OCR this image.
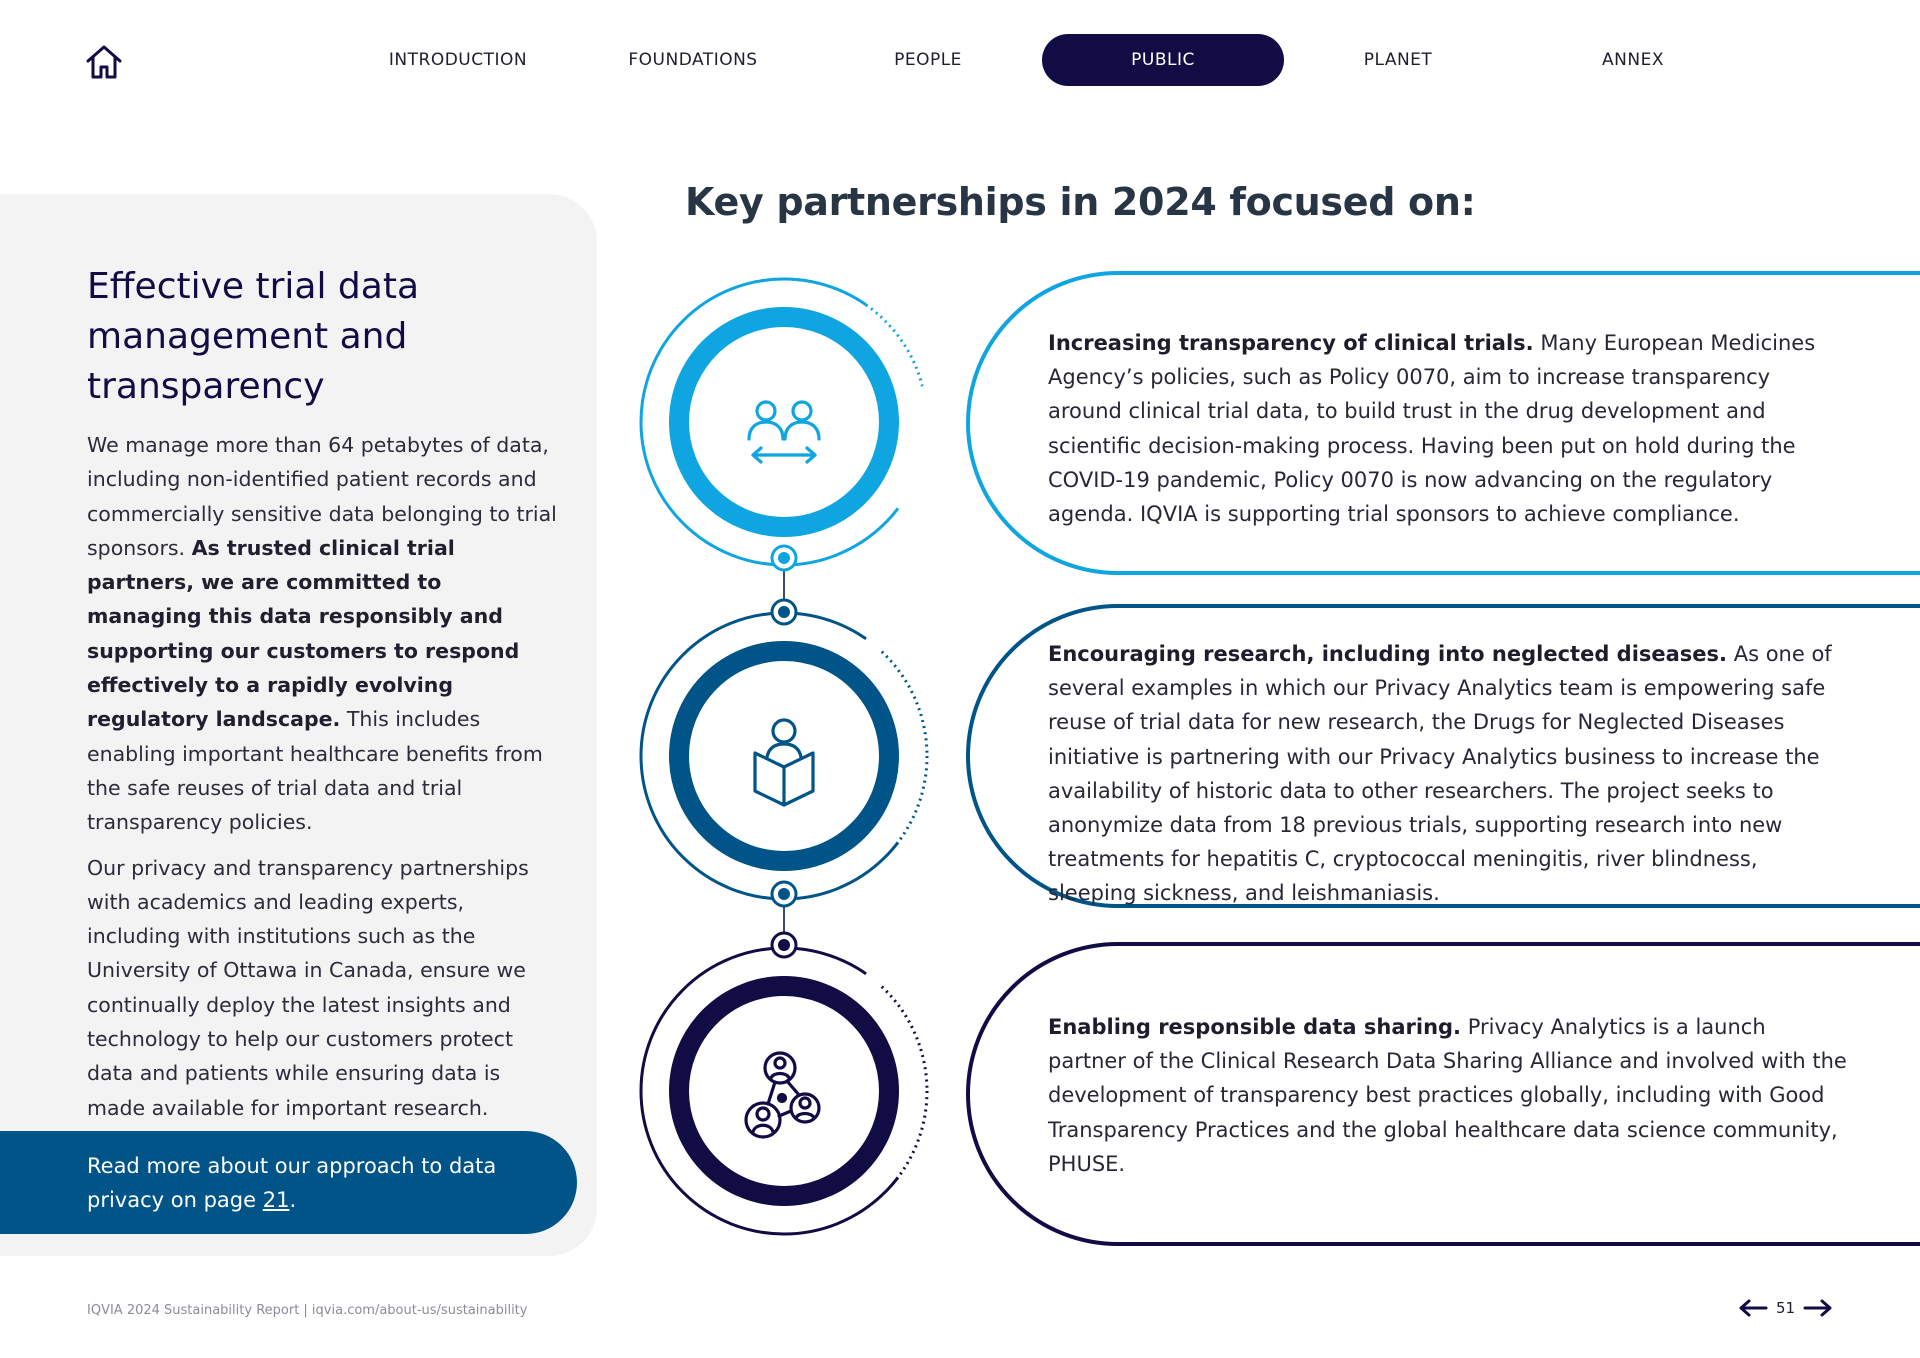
INTRODUCTION	FOUNDATIONS	PEOPLE	PUBLIC	PLANET	ANNEX
Effective trial data management and transparency

We manage more than 64 petabytes of data, including non-identified patient records and commercially sensitive data belonging to trial sponsors. As trusted clinical trial partners, we are committed to managing this data responsibly and supporting our customers to respond effectively to a rapidly evolving regulatory landscape. This includes enabling important healthcare benefits from the safe reuses of trial data and trial transparency policies.

Our privacy and transparency partnerships with academics and leading experts, including with institutions such as the University of Ottawa in Canada, ensure we continually deploy the latest insights and technology to help our customers protect data and patients while ensuring data is made available for important research.

Read more about our approach to data privacy on page 21.
Key partnerships in 2024 focused on:
Increasing transparency of clinical trials. Many European Medicines Agency’s policies, such as Policy 0070, aim to increase transparency around clinical trial data, to build trust in the drug development and scientific decision-making process. Having been put on hold during the COVID-19 pandemic, Policy 0070 is now advancing on the regulatory agenda. IQVIA is supporting trial sponsors to achieve compliance.
Encouraging research, including into neglected diseases. As one of several examples in which our Privacy Analytics team is empowering safe reuse of trial data for new research, the Drugs for Neglected Diseases initiative is partnering with our Privacy Analytics business to increase the availability of historic data to other researchers. The project seeks to anonymize data from 18 previous trials, supporting research into new treatments for hepatitis C, cryptococcal meningitis, river blindness, sleeping sickness, and leishmaniasis.
Enabling responsible data sharing. Privacy Analytics is a launch partner of the Clinical Research Data Sharing Alliance and involved with the development of transparency best practices globally, including with Good Transparency Practices and the global healthcare data science community, PHUSE.
IQVIA 2024 Sustainability Report | iqvia.com/about-us/sustainability	51
